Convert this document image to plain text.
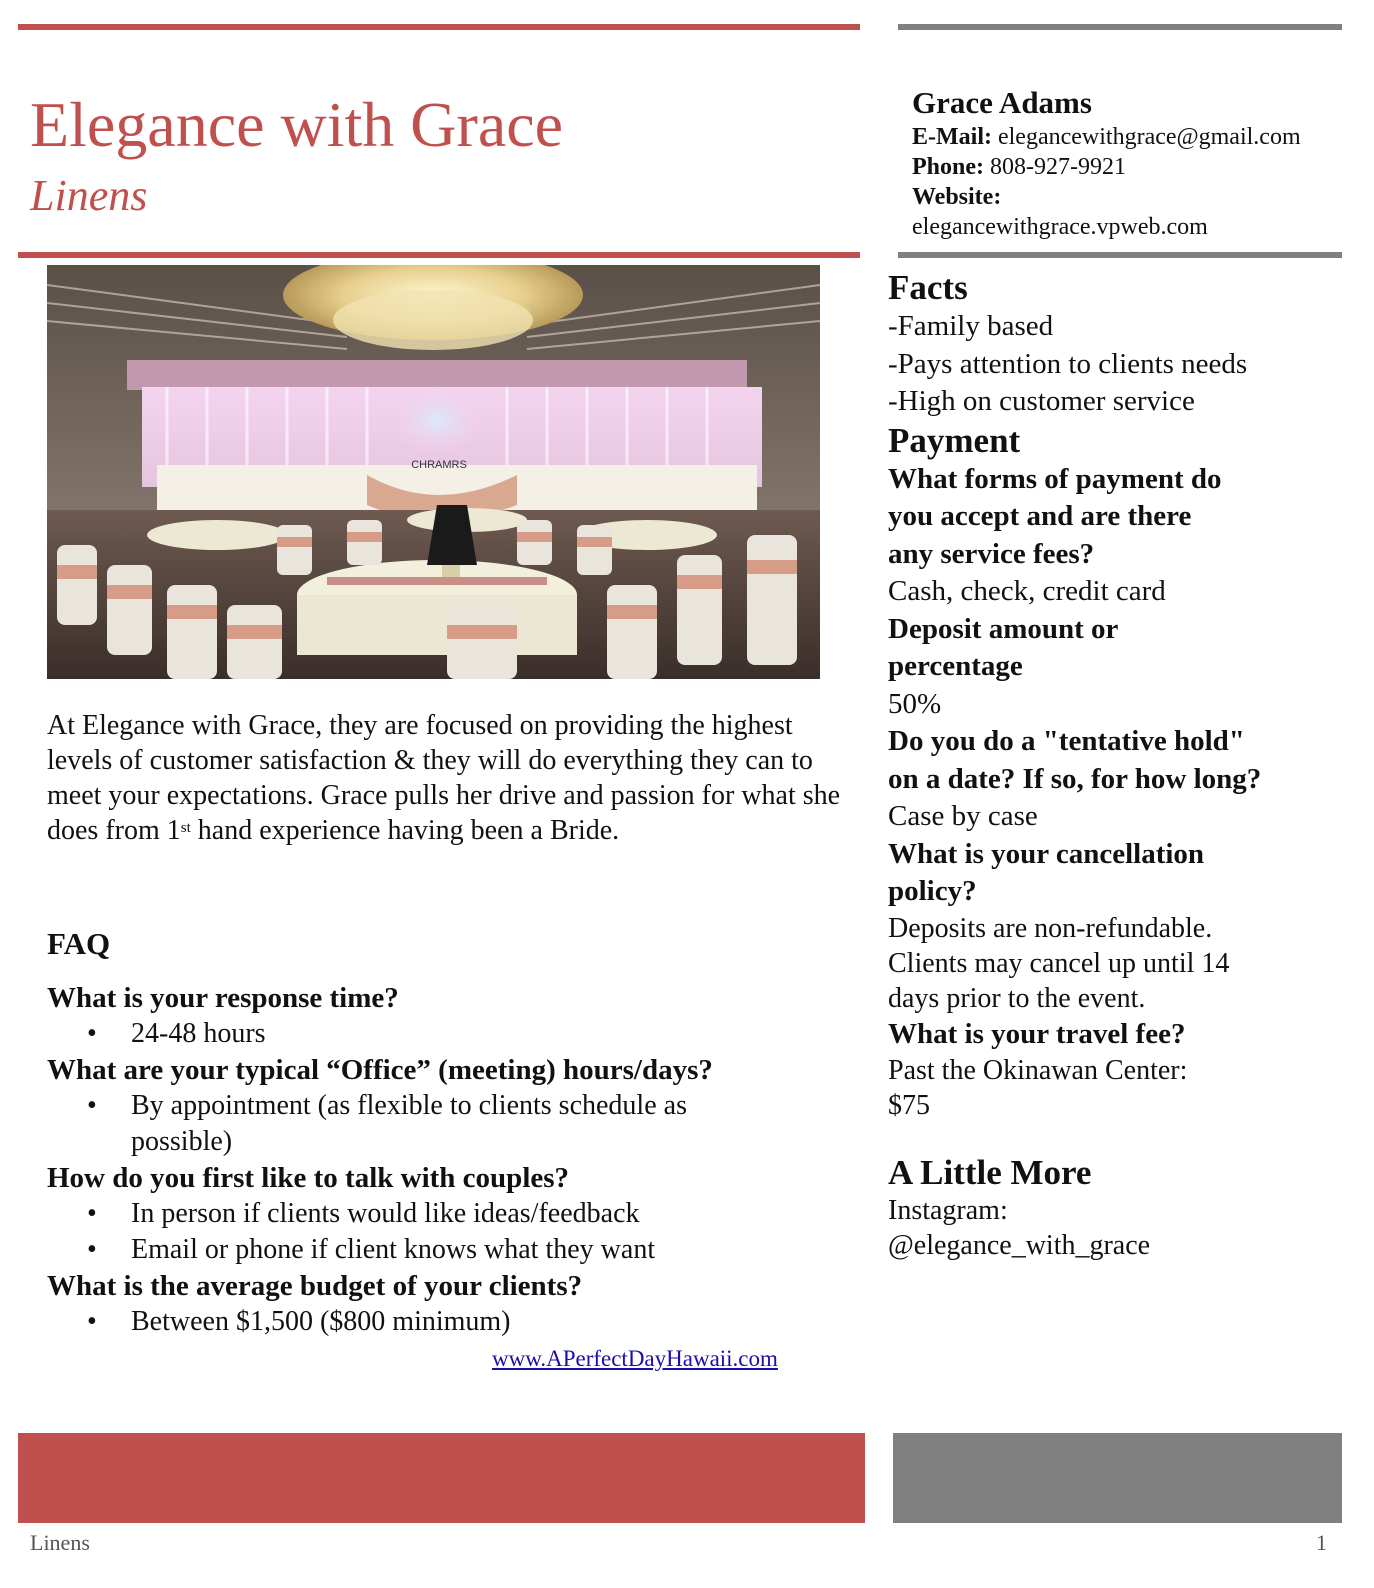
Elegance with Grace
Linens
Grace Adams
E-Mail: elegancewithgrace@gmail.com
Phone: 808-927-9921
Website:
elegancewithgrace.vpweb.com
CHRAMRS

At Elegance with Grace, they are focused on providing the highest levels of customer satisfaction & they will do everything they can to meet your expectations. Grace pulls her drive and passion for what she does from 1st hand experience having been a Bride.

FAQ
What is your response time?
• 24-48 hours
What are your typical “Office” (meeting) hours/days?
• By appointment (as flexible to clients schedule as possible)
How do you first like to talk with couples?
• In person if clients would like ideas/feedback
• Email or phone if client knows what they want
What is the average budget of your clients?
• Between $1,500 ($800 minimum)
www.APerfectDayHawaii.com
Facts
-Family based
-Pays attention to clients needs
-High on customer service
Payment
What forms of payment do you accept and are there any service fees?
Cash, check, credit card
Deposit amount or percentage
50%
Do you do a "tentative hold" on a date? If so, for how long?
Case by case
What is your cancellation policy?
Deposits are non-refundable. Clients may cancel up until 14 days prior to the event.
What is your travel fee?
Past the Okinawan Center: $75
A Little More
Instagram: @elegance_with_grace
Linens	1
